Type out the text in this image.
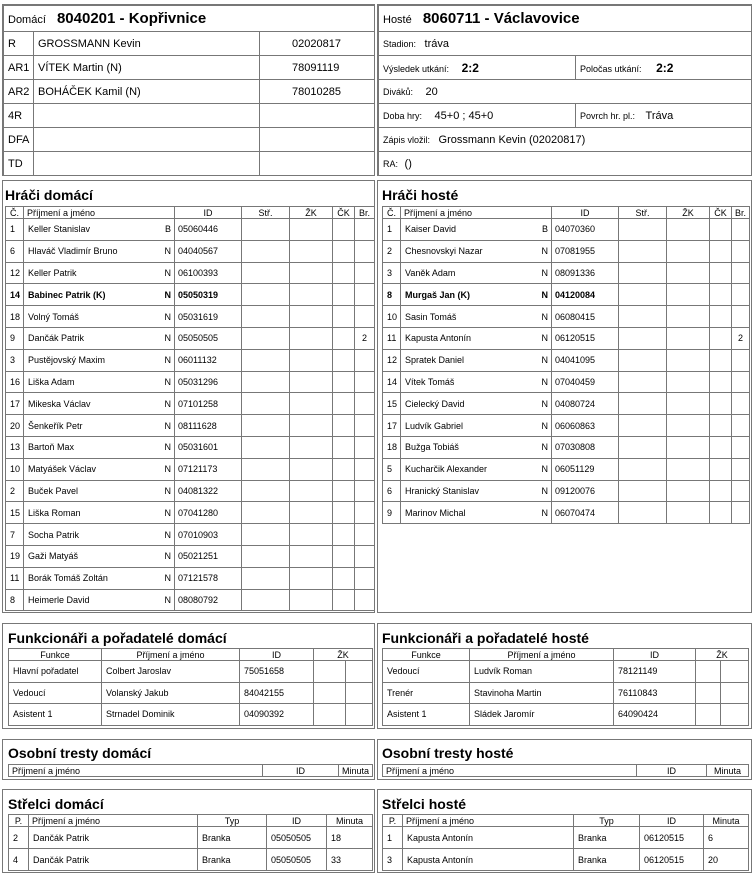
Domácí 8040201 - Kopřivnice		
R	GROSSMANN Kevin	02020817
AR1	VÍTEK Martin (N)	78091119
AR2	BOHÁČEK Kamil (N)	78010285
4R		
DFA		
TD		
Hosté 8060711 - Václavovice	
Stadion: tráva	
Výsledek utkání: 2:2	Poločas utkání: 2:2
Diváků: 20	
Doba hry: 45+0 ; 45+0	Povrch hr. pl.: Tráva
Zápis vložil: Grossmann Kevin (02020817)	
RA: ()	
Hráči domácí
Č.	Příjmení a jméno		ID	Stř.	ŽK	ČK	Br.
1	Keller Stanislav	B	05060446				
6	Hlaváč Vladimír Bruno	N	04040567				
12	Keller Patrik	N	06100393				
14	Babinec Patrik (K)	N	05050319				
18	Volný Tomáš	N	05031619				
9	Dančák Patrik	N	05050505				2
3	Pustějovský Maxim	N	06011132				
16	Liška Adam	N	05031296				
17	Mikeska Václav	N	07101258				
20	Šenkeřík Petr	N	08111628				
13	Bartoň Max	N	05031601				
10	Matyášek Václav	N	07121173				
2	Buček Pavel	N	04081322				
15	Liška Roman	N	07041280				
7	Socha Patrik	N	07010903				
19	Gaži Matyáš	N	05021251				
11	Borák Tomáš Zoltán	N	07121578				
8	Heimerle David	N	08080792				
Hráči hosté
Č.	Příjmení a jméno		ID	Stř.	ŽK	ČK	Br.
1	Kaiser David	B	04070360				
2	Chesnovskyi Nazar	N	07081955				
3	Vaněk Adam	N	08091336				
8	Murgaš Jan (K)	N	04120084				
10	Sasin Tomáš	N	06080415				
11	Kapusta Antonín	N	06120515				2
12	Spratek Daniel	N	04041095				
14	Vítek Tomáš	N	07040459				
15	Cielecký David	N	04080724				
17	Ludvík Gabriel	N	06060863				
18	Bužga Tobiáš	N	07030808				
5	Kucharčik Alexander	N	06051129				
6	Hranický Stanislav	N	09120076				
9	Marinov Michal	N	06070474				
Funkcionáři a pořadatelé domácí
Funkce	Příjmení a jméno	ID	ŽK	
Hlavní pořadatel	Colbert Jaroslav	75051658		
Vedoucí	Volanský Jakub	84042155		
Asistent 1	Strnadel Dominik	04090392		
Funkcionáři a pořadatelé hosté
Funkce	Příjmení a jméno	ID	ŽK	
Vedoucí	Ludvík Roman	78121149		
Trenér	Stavinoha Martin	76110843		
Asistent 1	Sládek Jaromír	64090424		
Osobní tresty domácí
Příjmení a jméno	ID	Minuta
Osobní tresty hosté
Příjmení a jméno	ID	Minuta
Střelci domácí
P.	Příjmení a jméno	Typ	ID	Minuta
2	Dančák Patrik	Branka	05050505	18
4	Dančák Patrik	Branka	05050505	33
Střelci hosté
P.	Příjmení a jméno	Typ	ID	Minuta
1	Kapusta Antonín	Branka	06120515	6
3	Kapusta Antonín	Branka	06120515	20
